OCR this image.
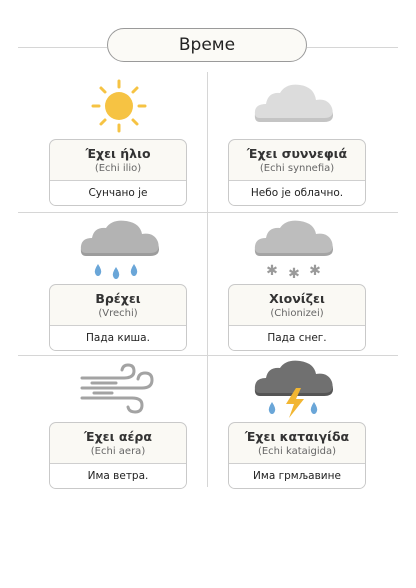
Време
✱ ✱ ✱
Έχει ήλιο
(Echi ilio)
Сунчано је
Έχει συννεφιά
(Echi synnefia)
Небо је облачно.
Βρέχει
(Vrechi)
Пада киша.
Χιονίζει
(Chionizei)
Пада снег.
Έχει αέρα
(Echi aera)
Има ветра.
Έχει καταιγίδα
(Echi kataigida)
Има грмљавине
